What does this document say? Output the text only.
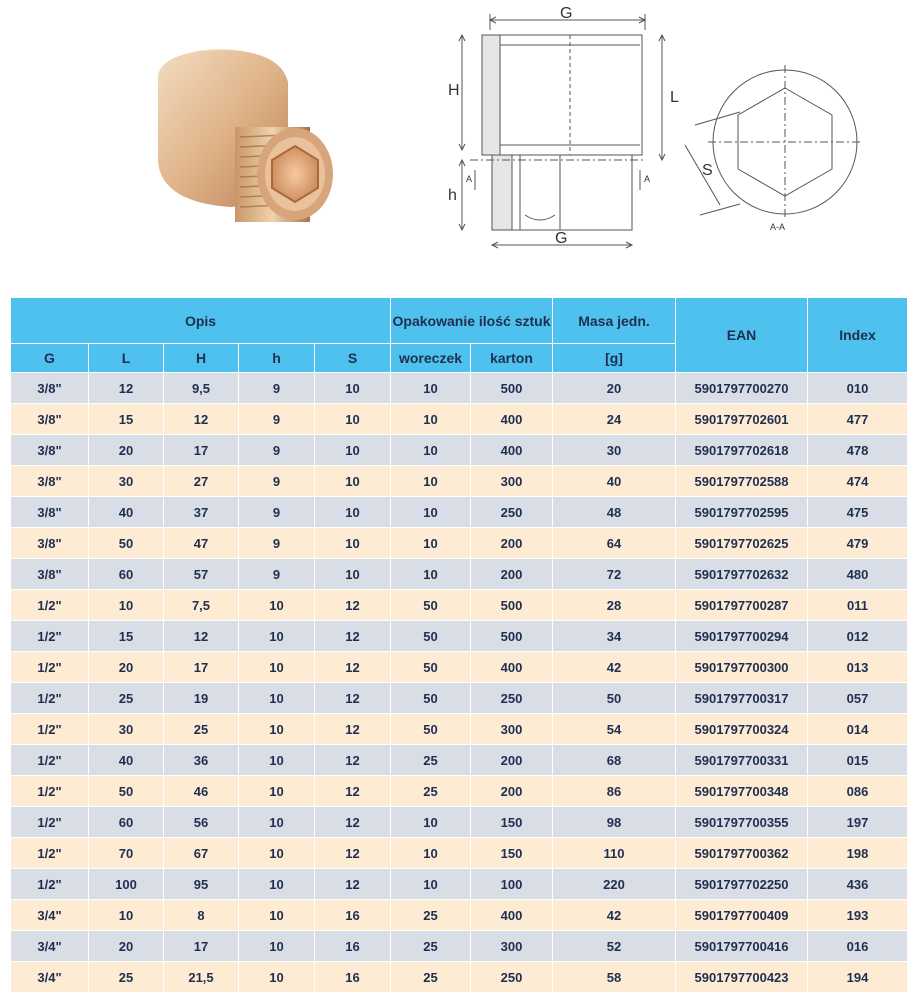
G
H	L
h
A	A
G
S
A-A
Opis					Opakowanie ilość sztuk		Masa jedn.	EAN	Index
G	L	H	h	S	woreczek	karton	[g]		
3/8"	12	9,5	9	10	10	500	20	5901797700270	010
3/8"	15	12	9	10	10	400	24	5901797702601	477
3/8"	20	17	9	10	10	400	30	5901797702618	478
3/8"	30	27	9	10	10	300	40	5901797702588	474
3/8"	40	37	9	10	10	250	48	5901797702595	475
3/8"	50	47	9	10	10	200	64	5901797702625	479
3/8"	60	57	9	10	10	200	72	5901797702632	480
1/2"	10	7,5	10	12	50	500	28	5901797700287	011
1/2"	15	12	10	12	50	500	34	5901797700294	012
1/2"	20	17	10	12	50	400	42	5901797700300	013
1/2"	25	19	10	12	50	250	50	5901797700317	057
1/2"	30	25	10	12	50	300	54	5901797700324	014
1/2"	40	36	10	12	25	200	68	5901797700331	015
1/2"	50	46	10	12	25	200	86	5901797700348	086
1/2"	60	56	10	12	10	150	98	5901797700355	197
1/2"	70	67	10	12	10	150	110	5901797700362	198
1/2"	100	95	10	12	10	100	220	5901797702250	436
3/4"	10	8	10	16	25	400	42	5901797700409	193
3/4"	20	17	10	16	25	300	52	5901797700416	016
3/4"	25	21,5	10	16	25	250	58	5901797700423	194
